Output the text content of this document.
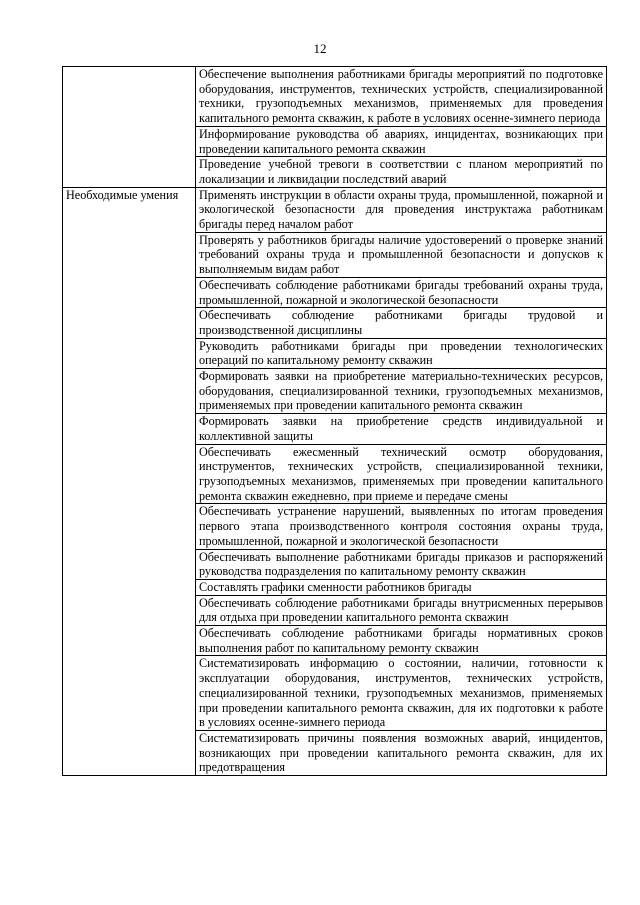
12
	Обеспечение выполнения работниками бригады мероприятий по подготовке оборудования, инструментов, технических устройств, специализированной техники, грузоподъемных механизмов, применяемых для проведения капитального ремонта скважин, к работе в условиях осенне-зимнего периода
	Информирование руководства об авариях, инцидентах, возникающих при проведении капитального ремонта скважин
	Проведение учебной тревоги в соответствии с планом мероприятий по локализации и ликвидации последствий аварий
Необходимые умения	Применять инструкции в области охраны труда, промышленной, пожарной и экологической безопасности для проведения инструктажа работникам бригады перед началом работ
	Проверять у работников бригады наличие удостоверений о проверке знаний требований охраны труда и промышленной безопасности и допусков к выполняемым видам работ
	Обеспечивать соблюдение работниками бригады требований охраны труда, промышленной, пожарной и экологической безопасности
	Обеспечивать соблюдение работниками бригады трудовой и производственной дисциплины
	Руководить работниками бригады при проведении технологических операций по капитальному ремонту скважин
	Формировать заявки на приобретение материально-технических ресурсов, оборудования, специализированной техники, грузоподъемных механизмов, применяемых при проведении капитального ремонта скважин
	Формировать заявки на приобретение средств индивидуальной и коллективной защиты
	Обеспечивать ежесменный технический осмотр оборудования, инструментов, технических устройств, специализированной техники, грузоподъемных механизмов, применяемых при проведении капитального ремонта скважин ежедневно, при приеме и передаче смены
	Обеспечивать устранение нарушений, выявленных по итогам проведения первого этапа производственного контроля состояния охраны труда, промышленной, пожарной и экологической безопасности
	Обеспечивать выполнение работниками бригады приказов и распоряжений руководства подразделения по капитальному ремонту скважин
	Составлять графики сменности работников бригады
	Обеспечивать соблюдение работниками бригады внутрисменных перерывов для отдыха при проведении капитального ремонта скважин
	Обеспечивать соблюдение работниками бригады нормативных сроков выполнения работ по капитальному ремонту скважин
	Систематизировать информацию о состоянии, наличии, готовности к эксплуатации оборудования, инструментов, технических устройств, специализированной техники, грузоподъемных механизмов, применяемых при проведении капитального ремонта скважин, для их подготовки к работе в условиях осенне-зимнего периода
	Систематизировать причины появления возможных аварий, инцидентов, возникающих при проведении капитального ремонта скважин, для их предотвращения
